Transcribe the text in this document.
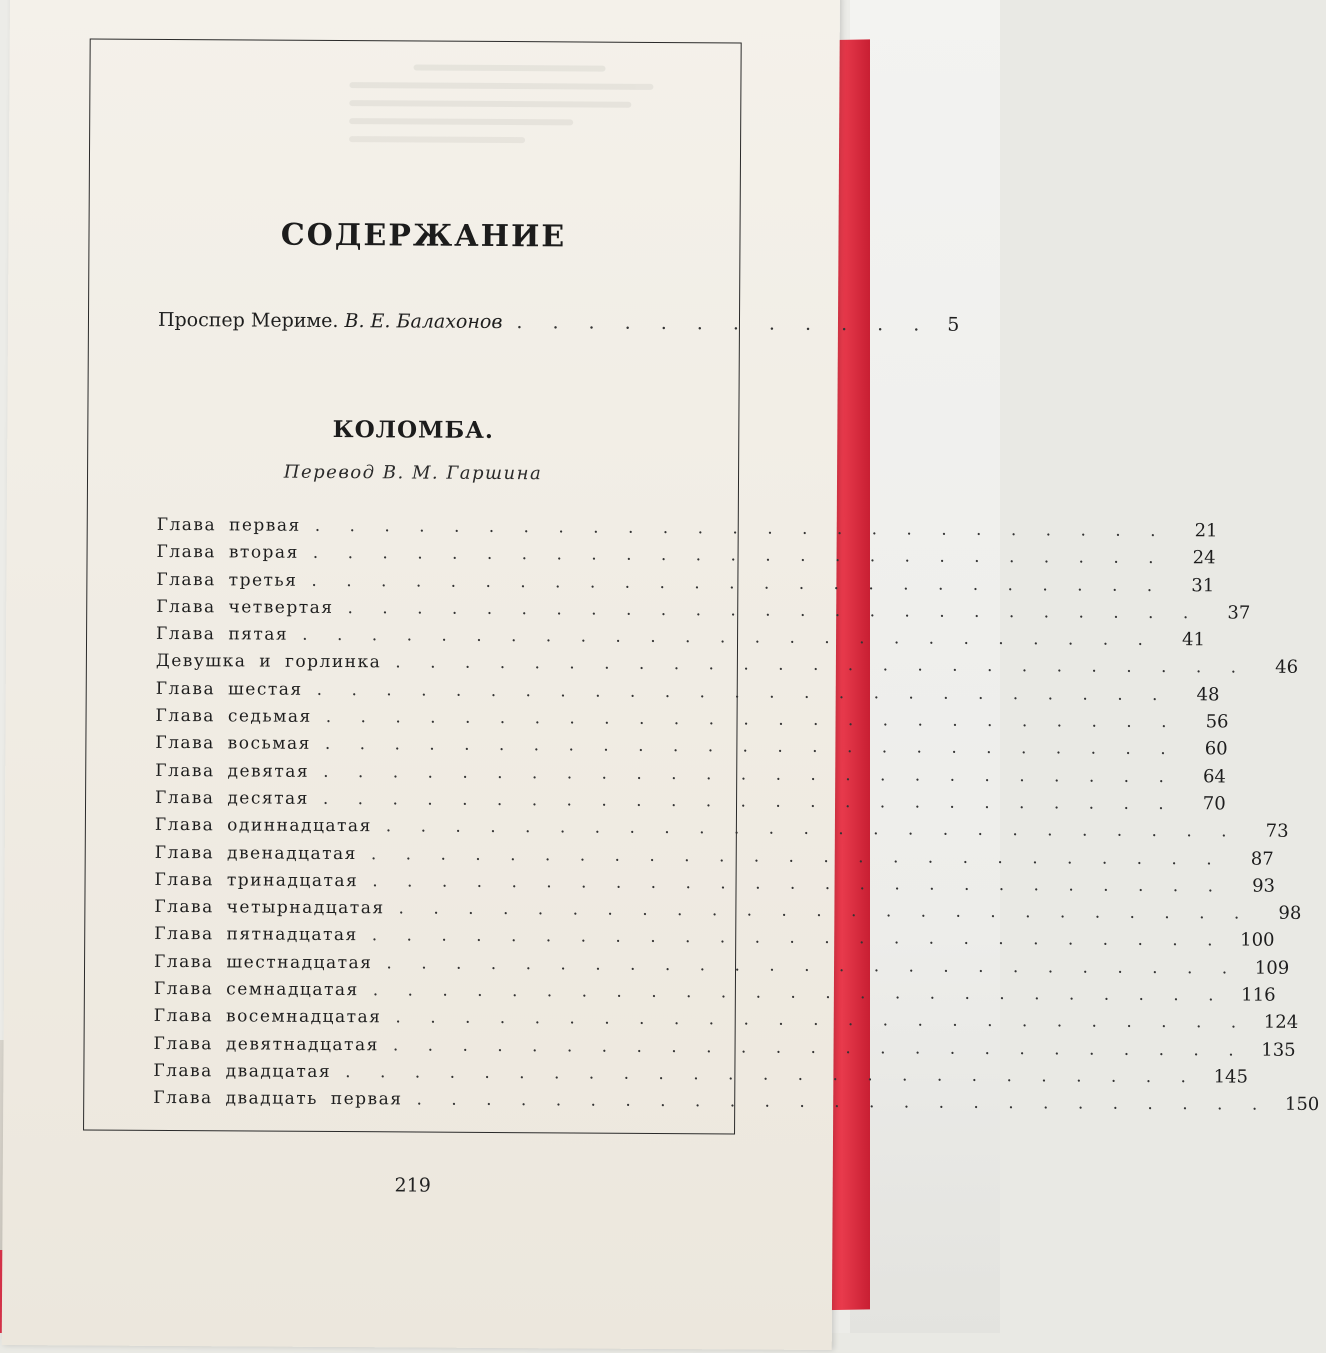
СОДЕРЖАНИЕ
Проспер Мериме. В. Е. Балахонов . . . . . . . . . . . . 5
КОЛОМБА.
Перевод В. М. Гаршина
Глава первая . . . . . . . . . . . . . . . . . . . . . . . . .	21
Глава вторая . . . . . . . . . . . . . . . . . . . . . . . . .	24
Глава третья . . . . . . . . . . . . . . . . . . . . . . . . .	31
Глава четвертая . . . . . . . . . . . . . . . . . . . . . . . . .	37
Глава пятая . . . . . . . . . . . . . . . . . . . . . . . . .	41
Девушка и горлинка . . . . . . . . . . . . . . . . . . . . . . . . .	46
Глава шестая . . . . . . . . . . . . . . . . . . . . . . . . .	48
Глава седьмая . . . . . . . . . . . . . . . . . . . . . . . . .	56
Глава восьмая . . . . . . . . . . . . . . . . . . . . . . . . .	60
Глава девятая . . . . . . . . . . . . . . . . . . . . . . . . .	64
Глава десятая . . . . . . . . . . . . . . . . . . . . . . . . .	70
Глава одиннадцатая . . . . . . . . . . . . . . . . . . . . . . . . .	73
Глава двенадцатая . . . . . . . . . . . . . . . . . . . . . . . . .	87
Глава тринадцатая . . . . . . . . . . . . . . . . . . . . . . . . .	93
Глава четырнадцатая . . . . . . . . . . . . . . . . . . . . . . . . .	98
Глава пятнадцатая . . . . . . . . . . . . . . . . . . . . . . . . . 100
Глава шестнадцатая . . . . . . . . . . . . . . . . . . . . . . . . . 109
Глава семнадцатая . . . . . . . . . . . . . . . . . . . . . . . . . 116
Глава восемнадцатая . . . . . . . . . . . . . . . . . . . . . . . . . 124
Глава девятнадцатая . . . . . . . . . . . . . . . . . . . . . . . . . 135
Глава двадцатая . . . . . . . . . . . . . . . . . . . . . . . . . 145
Глава двадцать первая . . . . . . . . . . . . . . . . . . . . . . . . . 150
219
